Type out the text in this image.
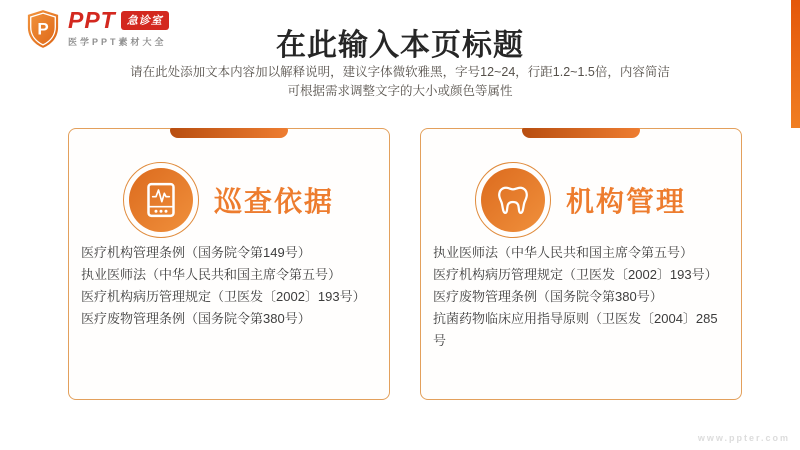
P PPT	急诊室
医学PPT素材大全	在此输入本页标题
请在此处添加文本内容加以解释说明，建议字体微软雅黑，字号12~24，行距1.2~1.5倍，内容简洁
可根据需求调整文字的大小或颜色等属性
巡查依据
医疗机构管理条例（国务院令第149号）
执业医师法（中华人民共和国主席令第五号）
医疗机构病历管理规定（卫医发〔2002〕193号）
医疗废物管理条例（国务院令第380号）
机构管理
执业医师法（中华人民共和国主席令第五号）
医疗机构病历管理规定（卫医发〔2002〕193号）
医疗废物管理条例（国务院令第380号）
抗菌药物临床应用指导原则（卫医发〔2004〕285号
www.ppter.com
